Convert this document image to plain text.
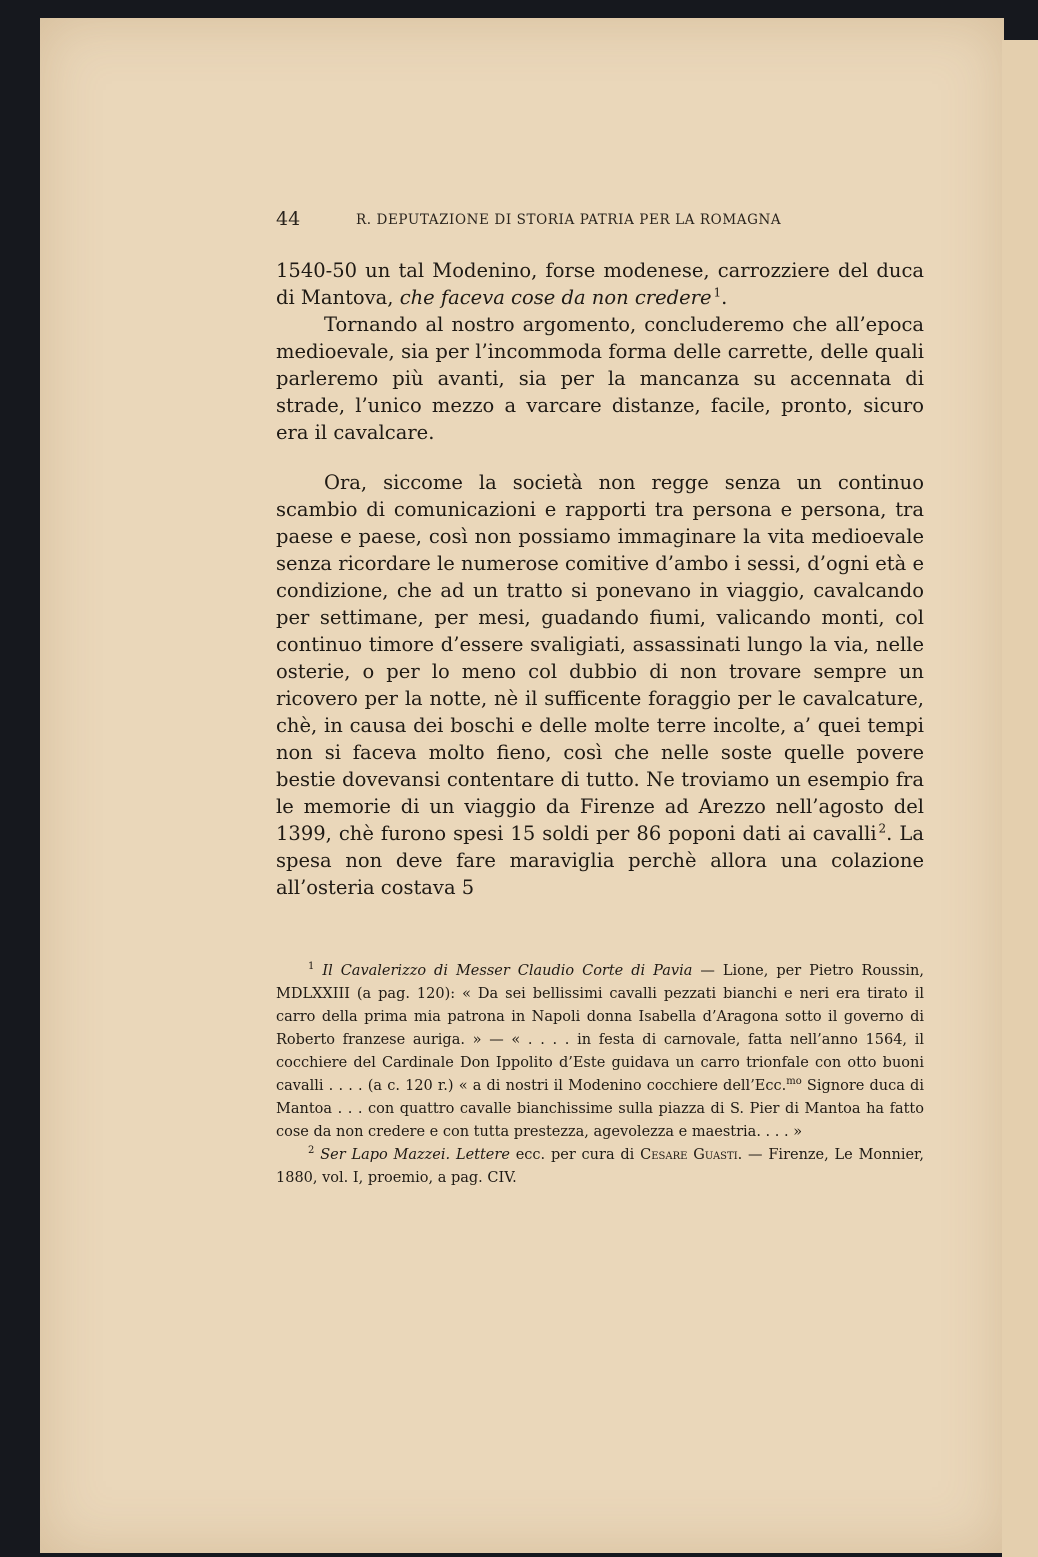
44	R. DEPUTAZIONE DI STORIA PATRIA PER LA ROMAGNA

1540-50 un tal Modenino, forse modenese, carrozziere del duca di Mantova, che faceva cose da non credere  $^1$.

Tornando al nostro argomento, concluderemo che all’epoca medioevale, sia per l’incommoda forma delle carrette, delle quali parleremo più avanti, sia per la mancanza su accennata di strade, l’unico mezzo a varcare distanze, facile, pronto, sicuro era il cavalcare.

Ora, siccome la società non regge senza un continuo scambio di comunicazioni e rapporti tra persona e persona, tra paese e paese, così non possiamo immaginare la vita medioevale senza ricordare le numerose comitive d’ambo i sessi, d’ogni età e condizione, che ad un tratto si ponevano in viaggio, cavalcando per settimane, per mesi, guadando fiumi, valicando monti, col continuo timore d’essere svaligiati, assassinati lungo la via, nelle osterie, o per lo meno col dubbio di non trovare sempre un ricovero per la notte, nè il sufficente foraggio per le cavalcature, chè, in causa dei boschi e delle molte terre incolte, a’ quei tempi non si faceva molto fieno, così che nelle soste quelle povere bestie dovevansi contentare di tutto. Ne troviamo un esempio fra le memorie di un viaggio da Firenze ad Arezzo nell’agosto del 1399, chè furono spesi 15 soldi per 86 poponi dati ai cavalli  $^2$. La spesa non deve fare maraviglia perchè allora una colazione all’osteria costava 5

$^1$ Il Cavalerizzo di Messer Claudio Corte di Pavia — Lione, per Pietro Roussin, MDLXXIII (a pag. 120): « Da sei bellissimi cavalli pezzati bianchi e neri era tirato il carro della prima mia patrona in Napoli donna Isabella d’Aragona sotto il governo di Roberto franzese auriga. » — « . . . . in festa di carnovale, fatta nell’anno 1564, il cocchiere del Cardinale Don Ippolito d’Este guidava un carro trionfale con otto buoni cavalli . . . . (a c. 120 r.) « a di nostri il Modenino cocchiere dell’Ecc.$^{mo}$ Signore duca di Mantoa . . . con quattro cavalle bianchissime sulla piazza di S. Pier di Mantoa ha fatto cose da non credere e con tutta prestezza, agevolezza e maestria. . . . »

$^2$ Ser Lapo Mazzei. Lettere ecc. per cura di Cesare Guasti. — Firenze, Le Monnier, 1880, vol. I, proemio, a pag. CIV.
